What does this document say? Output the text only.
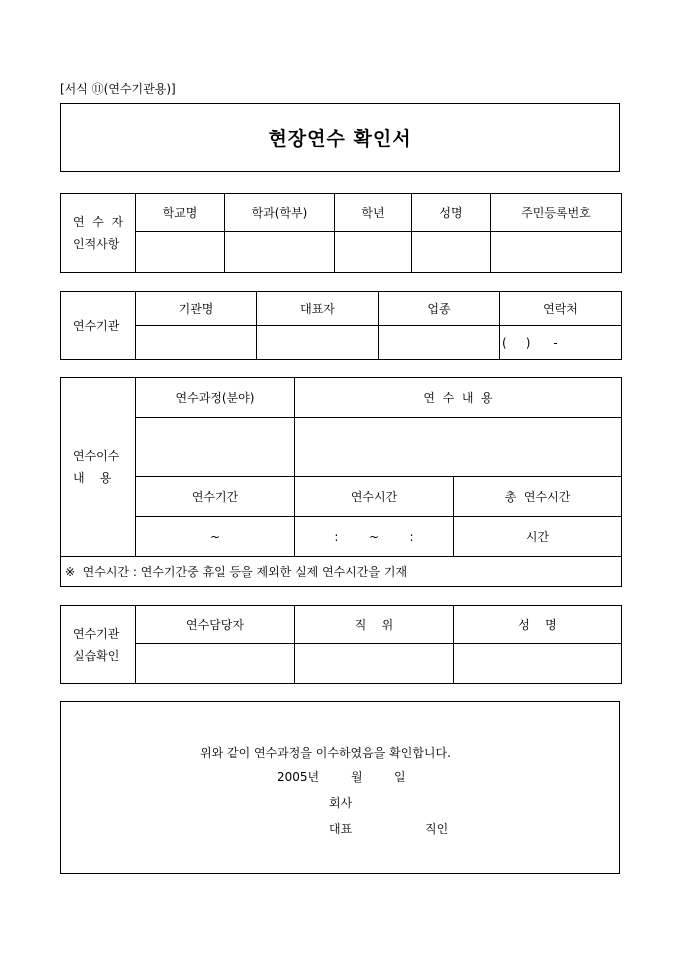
[서식 ⑪(연수기관용)]
현장연수 확인서
연  수  자
인적사항	학교명	학과(학부)	학년	성명	주민등록번호

연수기관	기관명	대표자	업종	연락처
				(     )      -
연수이수
내    용	연수과정(분야)	연  수  내  용	

	연수기간	연수시간	총  연수시간
	~	:        ~        :	시간
※  연수시간 : 연수기간중 휴일 등을 제외한 실제 연수시간을 기재			
연수기관
실습확인	연수담당자	직    위	성    명

위와 같이 연수과정을 이수하였음을 확인합니다.
2005년	월	일
회사
대표	직인
